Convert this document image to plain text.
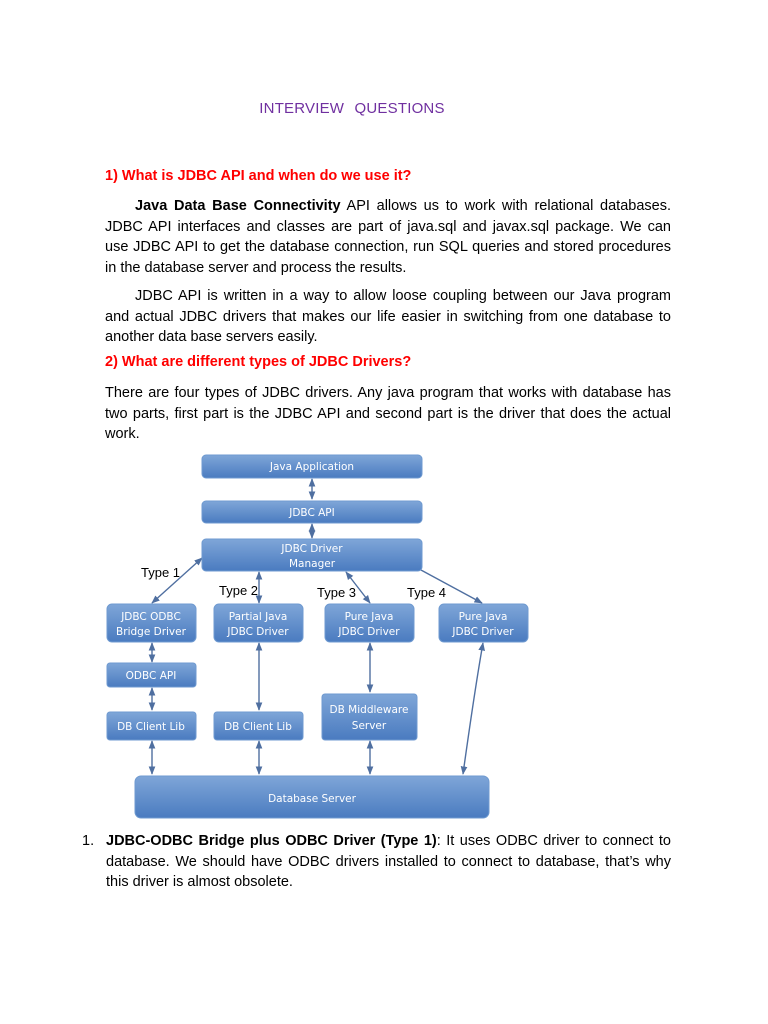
INTERVIEW QUESTIONS
1) What is JDBC API and when do we use it?

Java Data Base Connectivity API allows us to work with relational databases. JDBC API interfaces and classes are part of java.sql and javax.sql package. We can use JDBC API to get the database connection, run SQL queries and stored procedures in the database server and process the results.

JDBC API is written in a way to allow loose coupling between our Java program and actual JDBC drivers that makes our life easier in switching from one database to another data base servers easily.

2) What are different types of JDBC Drivers?

There are four types of JDBC drivers. Any java program that works with database has two parts, first part is the JDBC API and second part is the driver that does the actual work.

Java Application
JDBC API
JDBC Driver
Manager
Type 1
Type 2	Type 3	Type 4
JDBC ODBC
Bridge Driver
Partial Java
JDBC Driver
Pure Java
JDBC Driver
Pure Java
JDBC Driver
ODBC API
DB Client Lib	DB Client Lib
DB Middleware
Server
Database Server
1. JDBC-ODBC Bridge plus ODBC Driver (Type 1): It uses ODBC driver to connect to database. We should have ODBC drivers installed to connect to database, that’s why this driver is almost obsolete.
